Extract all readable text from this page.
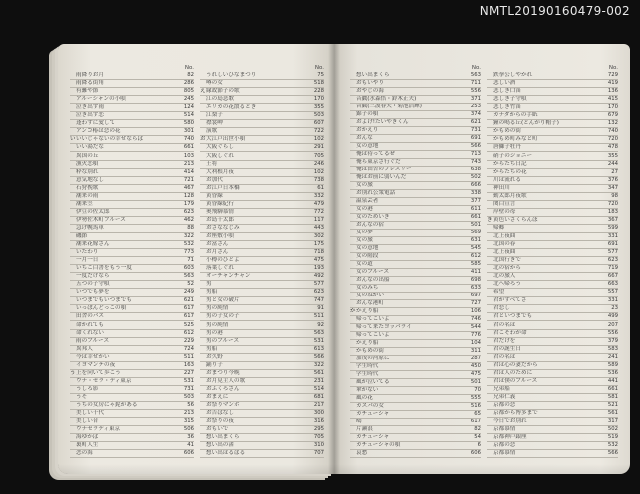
NMTL20190160479-002
No.
雨降りお月	82
雨降る街角	286
有難や節	805
アルーシャンの小唄	245
泣き出す雨	124
泣き出す恋	514
逢わずに愛して	580
アンコ椿は恋の花	301
い いいじゃないの幸せならば	740
いい湯だな	661
異国の丘	103
漁火恋唄	213
粋な別れ	414
意気地なし	721
石狩挽歌	467
潮来の雨	128
潮来笠	179
伊豆の佐太郎	623
伊勢佐木町ブルース	462
急げ幌馬車	88
磯節	322
潮来花嫁さん	532
いたわり	773
一月一日	71
いちご白書をもう一度	603
一度だけなら	563
五つの子守唄	52
いつでも夢を	249
いつまでもいつまでも	621
いっぽんどっこの唄	617
田舎のバス	617
命かれても	525
命くれない	612
雨のブルース	229
異邦人	724
今は幸せかい	511
イヨマンテの夜	163
う 上を向いて歩こう	227
ウナ・セラ・ディ東京	531
うしろ影	731
うそ	503
うちの女房にゃ髭がある	56
美しい十代	213
美しい昔	315
ウナセラディ東京	506
海ゆかば	36
裏町人生	41
恋の海	606
No.
うれしいひなまつり	75
噂の女	518
え 縁故節子の歌	228
江の島悲歌	170
エリカの花散るとき	355
江梨子	503
襟裳岬	607
演歌	722
お 大江戸出世小唄	102
大阪ぐらし	291
大阪しぐれ	705
王将	246
大利根月夜	102
お加代	738
お江戸日本橋	61
黄昏線	332
黄昏線紀行	479
奥飛騨慕情	772
お島千太郎	117
おさななじみ	443
お座敷小唄	302
お富さん	175
お月さん	718
小樽のひとよ	475
落葉しぐれ	193
オーチャンチャン	492
男	577
男船	623
男と女の破片	747
男の純情	91
男の子女の子	511
男の純情	92
男の港	563
男のブルース	531
男船	613
お久野	566
踊り子	322
おまつり今晩	561
お月見主人の歌	231
おふくろさん	514
おまえに	681
お祭りマンボ	217
お吉ばなし	300
お祭りの夜	316
おもいで	295
想い出まくら	705
想い出の渚	310
想い出はるばる	707
No.
想い出まくら	563
おもいやり	711
おやじの海	556
音戯(水森悟・鈴木正夫)	371
音戯(三波春夫・菊池浩輝)	253
錦子の唄	374
およげ!たいやきくん	621
おかえり	731
おんな	691
女の意地	566
俺は待ってるぜ	713
俺ら東京さ行ぐだ	743
俺は田舎のプレスリー	638
俺はお前に弱いんだ	502
女の旅	666
お別れ公衆電話	338
温泉芸者	377
女の港	611
女のためいき	661
おんなの宿	501
女の夢	569
女の旅	631
女の意地	545
女の階段	612
女の道	585
女のブルース	411
おんなの出船	698
女のみち	633
女のねがい	697
おんな港町	727
か かえり船	106
帰ってこいよ	746
帰って来たヨッパライ	544
帰ってこいよ	776
かえり船	104
かもめの街	311
加茂の河原に	287
学生時代	450
学生時代	475
風が泣いてる	501
傘がない	70
風の花	555
カスバの女	516
カチューシャ	65
鴎	617
片瀬浪	82
カチューシャ	54
カチューシャの唄	6
哀愁	606
No.
鉄拳公しやかれ	729
悲しい酒	419
悲しき口笛	136
悲しき子守唄	415
悲しき竹笛	170
カナダからの手紙	679
鐘の鳴る丘(とんがり帽子)	132
かもめの街	740
かもめ町みなと町	720
唐獅子牡丹	478
硝子のジョニー	355
からたち日記	244
からたちの花	27
川は流れる	376
神田川	347
勤太郎月夜歌	98
関白宣言	720
岸壁の母	183
き 黄色いさくらんぼ	367
帰郷	599
北上夜曲	331
北国の春	691
北上夜曲	577
北国行きで	623
北の宿から	719
北の旅人	667
北へ帰ろう	663
希望	557
君がすべてさ	331
君恋し	23
君といつまでも	499
君の名は	207
君こそわが命	556
君だけを	379
君の誕生日	583
君の名は	241
君は心の妻だから	589
君は人のために	536
君は僕のブルース	441
兄弟船	661
兄弟仁義	581
京都の恋	521
京都から博多まで	561
今日でお別れ	317
京都慕情	502
京都神戸銀座	519
京都の恋	532
京都慕情	566
